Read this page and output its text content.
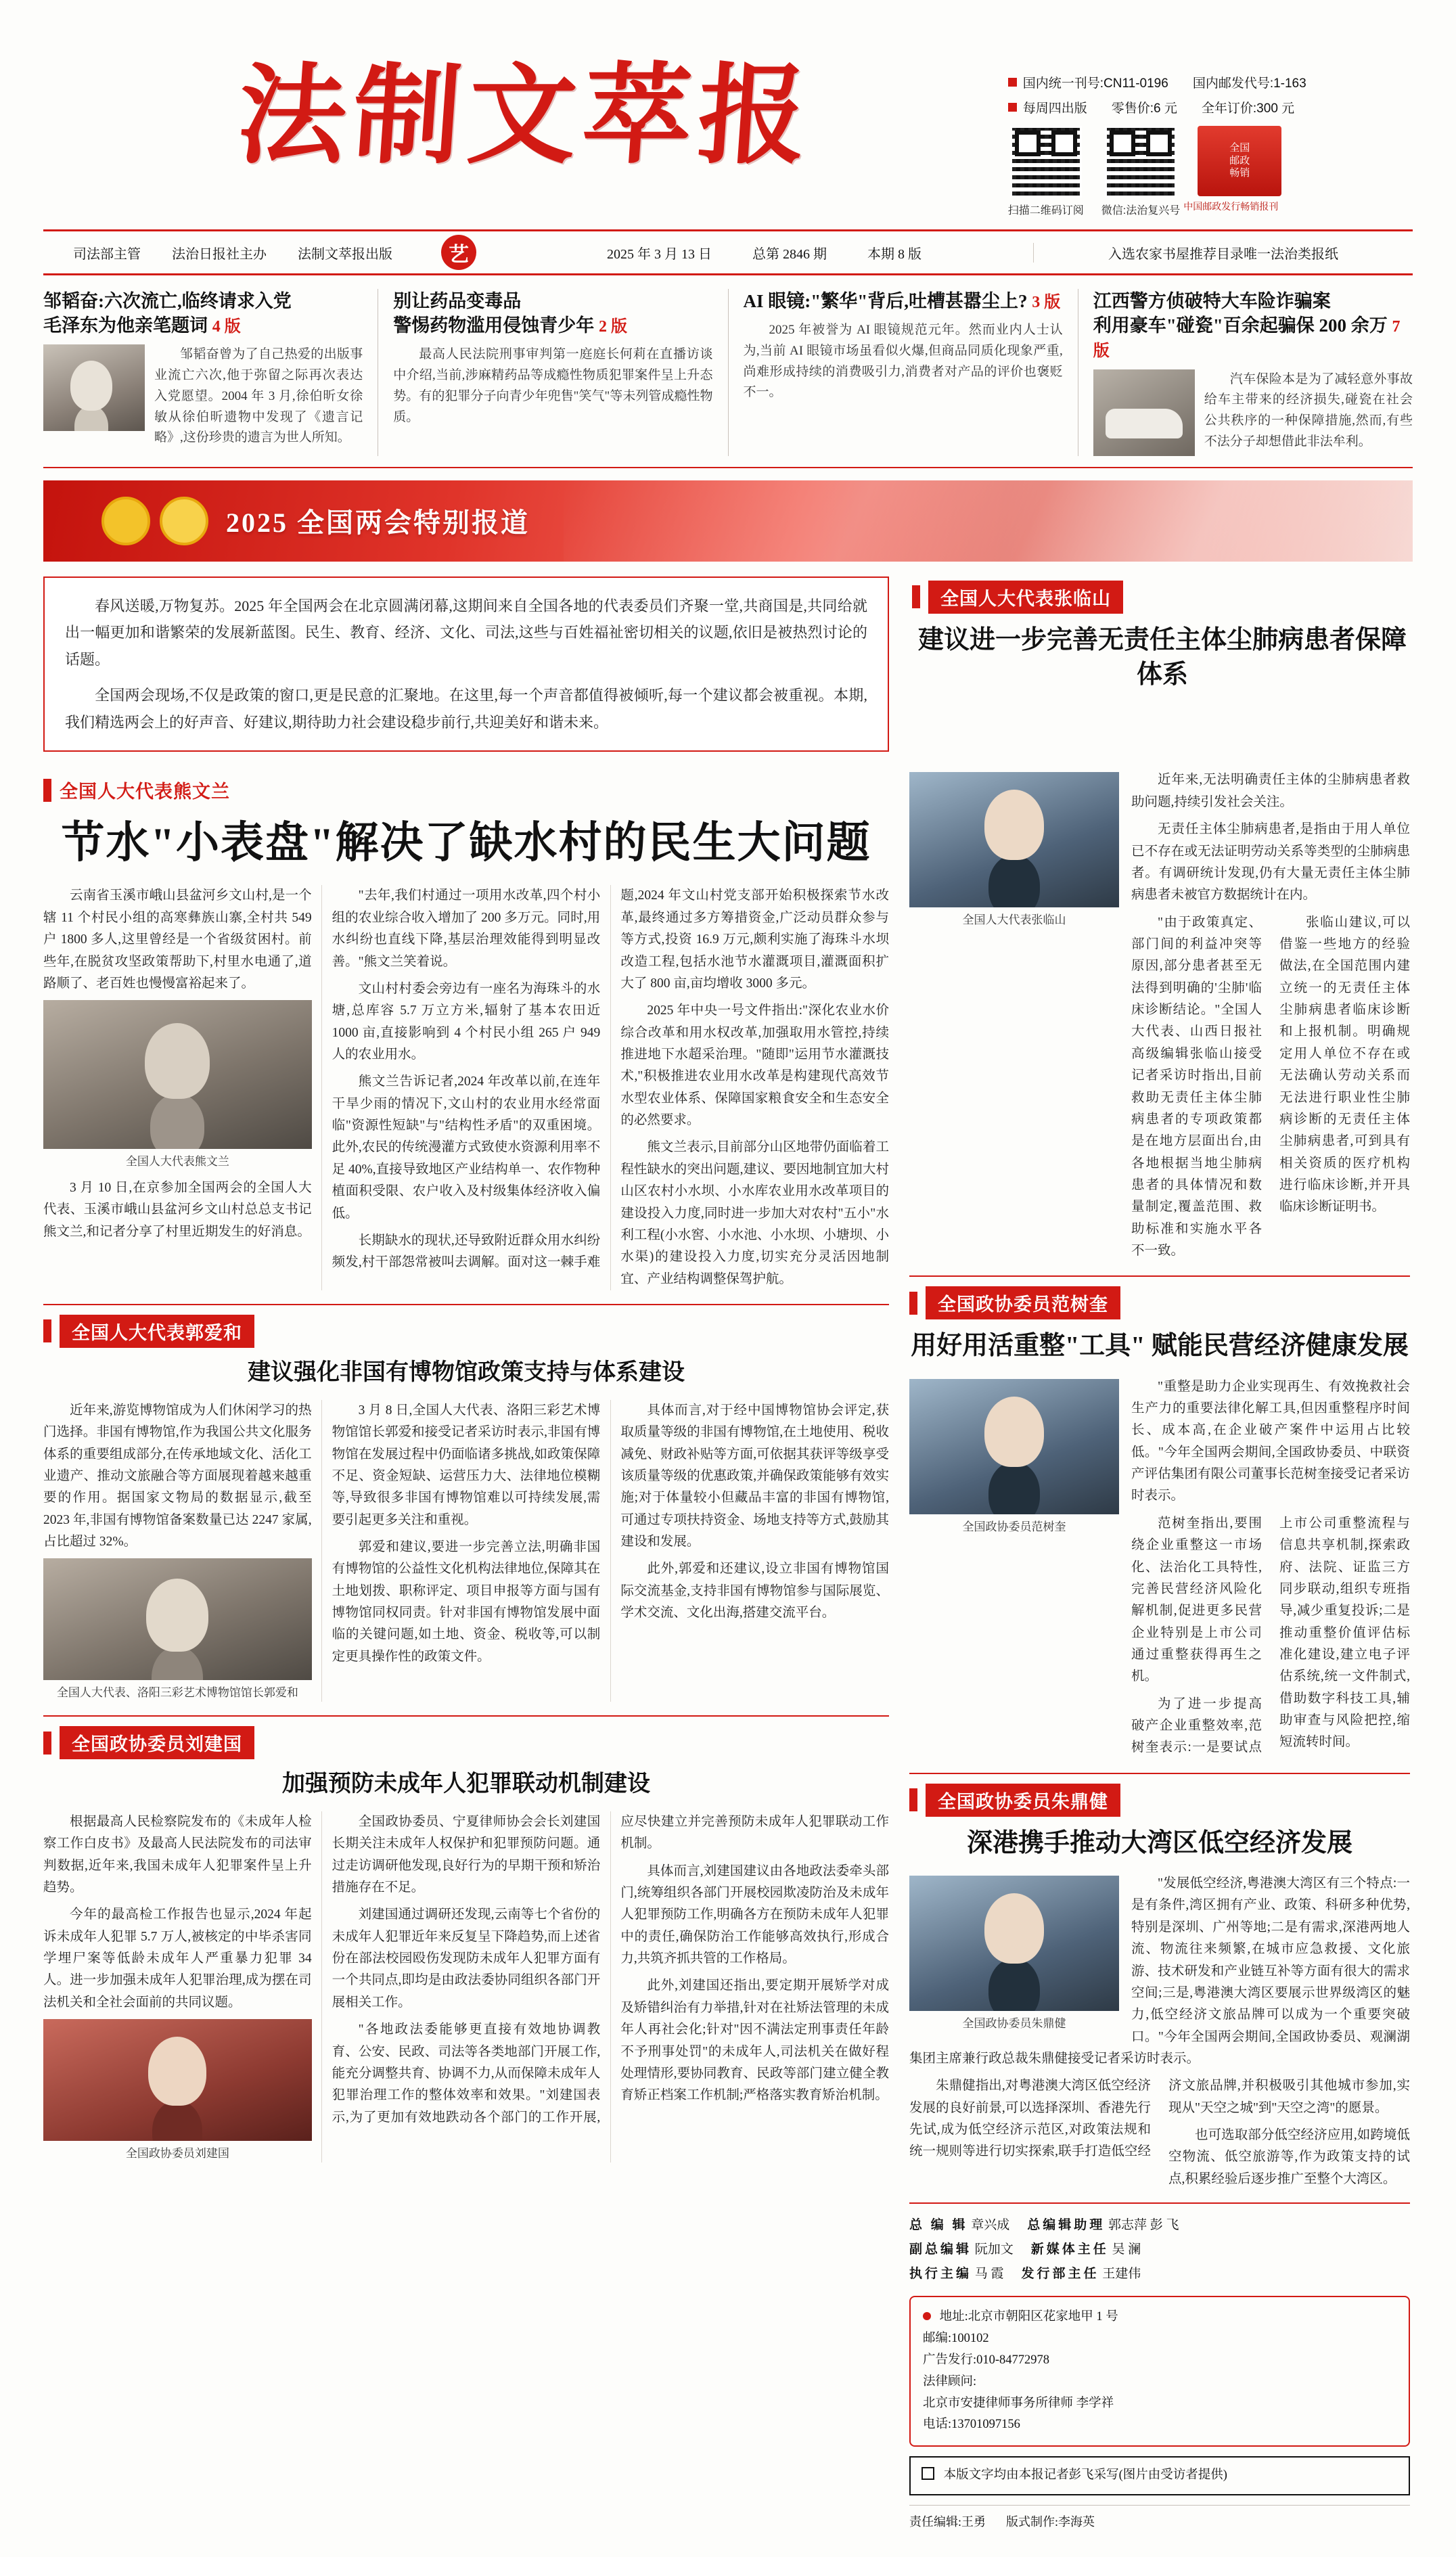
法制文萃报	国内统一刊号:CN11-0196 国内邮发代号:1-163
每周四出版 零售价:6 元 全年订价:300 元
扫描二维码订阅 微信:法治复兴号
全国
邮政
畅销
中国邮政发行畅销报刊
司法部主管 法治日报社主办 法制文萃报出版	艺	2025 年 3 月 13 日	总第 2846 期	本期 8 版	入选农家书屋推荐目录唯一法治类报纸
邹韬奋:六次流亡,临终请求入党
毛泽东为他亲笔题词 4 版

邹韬奋曾为了自己热爱的出版事业流亡六次,他于弥留之际再次表达入党愿望。2004 年 3 月,徐伯昕女徐敏从徐伯昕遗物中发现了《遗言记略》,这份珍贵的遗言为世人所知。

别让药品变毒品
警惕药物滥用侵蚀青少年 2 版

最高人民法院刑事审判第一庭庭长何莉在直播访谈中介绍,当前,涉麻精药品等成瘾性物质犯罪案件呈上升态势。有的犯罪分子向青少年兜售"笑气"等未列管成瘾性物质。

AI 眼镜:"繁华"背后,吐槽甚嚣尘上? 3 版

2025 年被誉为 AI 眼镜规范元年。然而业内人士认为,当前 AI 眼镜市场虽看似火爆,但商品同质化现象严重,尚难形成持续的消费吸引力,消费者对产品的评价也褒贬不一。

江西警方侦破特大车险诈骗案
利用豪车"碰瓷"百余起骗保 200 余万 7 版

汽车保险本是为了减轻意外事故给车主带来的经济损失,碰瓷在社会公共秩序的一种保障措施,然而,有些不法分子却想借此非法牟利。

2025 全国两会特别报道

春风送暖,万物复苏。2025 年全国两会在北京圆满闭幕,这期间来自全国各地的代表委员们齐聚一堂,共商国是,共同给就出一幅更加和谐繁荣的发展新蓝图。民生、教育、经济、文化、司法,这些与百姓福祉密切相关的议题,依旧是被热烈讨论的话题。

全国两会现场,不仅是政策的窗口,更是民意的汇聚地。在这里,每一个声音都值得被倾听,每一个建议都会被重视。本期,我们精选两会上的好声音、好建议,期待助力社会建设稳步前行,共迎美好和谐未来。

全国人大代表张临山
建议进一步完善无责任主体尘肺病患者保障体系
全国人大代表熊文兰
节水"小表盘"解决了缺水村的民生大问题

云南省玉溪市峨山县盆河乡文山村,是一个辖 11 个村民小组的高寒彝族山寨,全村共 549 户 1800 多人,这里曾经是一个省级贫困村。前些年,在脱贫攻坚政策帮助下,村里水电通了,道路顺了、老百姓也慢慢富裕起来了。

全国人大代表熊文兰

3 月 10 日,在京参加全国两会的全国人大代表、玉溪市峨山县盆河乡文山村总总支书记熊文兰,和记者分享了村里近期发生的好消息。

"去年,我们村通过一项用水改革,四个村小组的农业综合收入增加了 200 多万元。同时,用水纠纷也直线下降,基层治理效能得到明显改善。"熊文兰笑着说。

文山村村委会旁边有一座名为海珠斗的水塘,总库容 5.7 万立方米,辐射了基本农田近 1000 亩,直接影响到 4 个村民小组 265 户 949 人的农业用水。

熊文兰告诉记者,2024 年改革以前,在连年干旱少雨的情况下,文山村的农业用水经常面临"资源性短缺"与"结构性矛盾"的双重困境。此外,农民的传统漫灌方式致使水资源利用率不足 40%,直接导致地区产业结构单一、农作物种植面积受限、农户收入及村级集体经济收入偏低。

长期缺水的现状,还导致附近群众用水纠纷频发,村干部怨常被叫去调解。面对这一棘手难题,2024 年文山村党支部开始积极探索节水改革,最终通过多方筹措资金,广泛动员群众参与等方式,投资 16.9 万元,颇利实施了海珠斗水坝改造工程,包括水池节水灌溉项目,灌溉面积扩大了 800 亩,亩均增收 3000 多元。

2025 年中央一号文件指出:"深化农业水价综合改革和用水权改革,加强取用水管控,持续推进地下水超采治理。"随即"运用节水灌溉技术,"积极推进农业用水改革是构建现代高效节水型农业体系、保障国家粮食安全和生态安全的必然要求。

熊文兰表示,目前部分山区地带仍面临着工程性缺水的突出问题,建议、要因地制宜加大村山区农村小水坝、小水库农业用水改革项目的建设投入力度,同时进一步加大对农村"五小"水利工程(小水窖、小水池、小水坝、小塘坝、小水渠)的建设投入力度,切实充分灵活因地制宜、产业结构调整保驾护航。

全国人大代表郭爱和
建议强化非国有博物馆政策支持与体系建设

近年来,游览博物馆成为人们休闲学习的热门选择。非国有博物馆,作为我国公共文化服务体系的重要组成部分,在传承地域文化、活化工业遗产、推动文旅融合等方面展现着越来越重要的作用。据国家文物局的数据显示,截至 2023 年,非国有博物馆备案数量已达 2247 家属,占比超过 32%。

全国人大代表、洛阳三彩艺术博物馆馆长郭爱和

3 月 8 日,全国人大代表、洛阳三彩艺术博物馆馆长郭爱和接受记者采访时表示,非国有博物馆在发展过程中仍面临诸多挑战,如政策保障不足、资金短缺、运营压力大、法律地位模糊等,导致很多非国有博物馆难以可持续发展,需要引起更多关注和重视。

郭爱和建议,要进一步完善立法,明确非国有博物馆的公益性文化机构法律地位,保障其在土地划拨、职称评定、项目申报等方面与国有博物馆同权同责。针对非国有博物馆发展中面临的关键问题,如土地、资金、税收等,可以制定更具操作性的政策文件。

具体而言,对于经中国博物馆协会评定,获取质量等级的非国有博物馆,在土地使用、税收减免、财政补贴等方面,可依据其获评等级享受该质量等级的优惠政策,并确保政策能够有效实施;对于体量较小但藏品丰富的非国有博物馆,可通过专项扶持资金、场地支持等方式,鼓励其建设和发展。

此外,郭爱和还建议,设立非国有博物馆国际交流基金,支持非国有博物馆参与国际展览、学术交流、文化出海,搭建交流平台。

全国政协委员刘建国
加强预防未成年人犯罪联动机制建设

根据最高人民检察院发布的《未成年人检察工作白皮书》及最高人民法院发布的司法审判数据,近年来,我国未成年人犯罪案件呈上升趋势。

今年的最高检工作报告也显示,2024 年起诉未成年人犯罪 5.7 万人,被核定的中毕杀害同学埋尸案等低龄未成年人严重暴力犯罪 34 人。进一步加强未成年人犯罪治理,成为摆在司法机关和全社会面前的共同议题。

全国政协委员刘建国

全国政协委员、宁夏律师协会会长刘建国长期关注未成年人权保护和犯罪预防问题。通过走访调研他发现,良好行为的早期干预和矫治措施存在不足。

刘建国通过调研还发现,云南等七个省份的未成年人犯罪近年来反复呈下降趋势,而上述省份在部法校园殴伤发现防未成年人犯罪方面有一个共同点,即均是由政法委协同组织各部门开展相关工作。

"各地政法委能够更直接有效地协调教育、公安、民政、司法等各类地部门开展工作,能充分调整共育、协调不力,从而保障未成年人犯罪治理工作的整体效率和效果。"刘建国表示,为了更加有效地跌动各个部门的工作开展,应尽快建立并完善预防未成年人犯罪联动工作机制。

具体而言,刘建国建议由各地政法委牵头部门,统筹组织各部门开展校园欺凌防治及未成年人犯罪预防工作,明确各方在预防未成年人犯罪中的责任,确保防治工作能够高效执行,形成合力,共筑齐抓共管的工作格局。

此外,刘建国还指出,要定期开展矫学对成及矫错纠治有力举措,针对在社矫法管理的未成年人再社会化;针对"因不满法定刑事责任年龄不予刑事处罚"的未成年人,司法机关在做好程处理情形,要协同教育、民政等部门建立健全教育矫正档案工作机制;严格落实教育矫治机制。

全国人大代表张临山

近年来,无法明确责任主体的尘肺病患者救助问题,持续引发社会关注。

无责任主体尘肺病患者,是指由于用人单位已不存在或无法证明劳动关系等类型的尘肺病患者。有调研统计发现,仍有大量无责任主体尘肺病患者未被官方数据统计在内。

"由于政策真定、部门间的利益冲突等原因,部分患者甚至无法得到明确的'尘肺'临床诊断结论。"全国人大代表、山西日报社高级编辑张临山接受记者采访时指出,目前救助无责任主体尘肺病患者的专项政策都是在地方层面出台,由各地根据当地尘肺病患者的具体情况和数量制定,覆盖范围、救助标准和实施水平各不一致。

张临山建议,可以借鉴一些地方的经验做法,在全国范围内建立统一的无责任主体尘肺病患者临床诊断和上报机制。明确规定用人单位不存在或无法确认劳动关系而无法进行职业性尘肺病诊断的无责任主体尘肺病患者,可到具有相关资质的医疗机构进行临床诊断,并开具临床诊断证明书。

全国政协委员范树奎
用好用活重整"工具" 赋能民营经济健康发展
全国政协委员范树奎

"重整是助力企业实现再生、有效挽救社会生产力的重要法律化解工具,但因重整程序时间长、成本高,在企业破产案件中运用占比较低。"今年全国两会期间,全国政协委员、中联资产评估集团有限公司董事长范树奎接受记者采访时表示。

范树奎指出,要围绕企业重整这一市场化、法治化工具特性,完善民营经济风险化解机制,促进更多民营企业特别是上市公司通过重整获得再生之机。

为了进一步提高破产企业重整效率,范树奎表示:一是要试点上市公司重整流程与信息共享机制,探索政府、法院、证监三方同步联动,组织专班指导,减少重复投诉;二是推动重整价值评估标准化建设,建立电子评估系统,统一文件制式,借助数字科技工具,辅助审查与风险把控,缩短流转时间。

全国政协委员朱鼎健
深港携手推动大湾区低空经济发展
全国政协委员朱鼎健

"发展低空经济,粤港澳大湾区有三个特点:一是有条件,湾区拥有产业、政策、科研多种优势,特别是深圳、广州等地;二是有需求,深港两地人流、物流往来频繁,在城市应急救援、文化旅游、技术研发和产业链互补等方面有很大的需求空间;三是,粤港澳大湾区要展示世界级湾区的魅力,低空经济文旅品牌可以成为一个重要突破口。"今年全国两会期间,全国政协委员、观澜湖集团主席兼行政总裁朱鼎健接受记者采访时表示。

朱鼎健指出,对粤港澳大湾区低空经济发展的良好前景,可以选择深圳、香港先行先试,成为低空经济示范区,对政策法规和统一规则等进行切实探索,联手打造低空经济文旅品牌,并积极吸引其他城市参加,实现从"天空之城"到"天空之湾"的愿景。

也可选取部分低空经济应用,如跨境低空物流、低空旅游等,作为政策支持的试点,积累经验后逐步推广至整个大湾区。

总 编 辑 章兴成 总编辑助理 郭志萍 彭 飞
副总编辑 阮加文 新媒体主任 吴 澜
执行主编 马 霞 发行部主任 王建伟
地址:北京市朝阳区花家地甲 1 号
邮编:100102
广告发行:010-84772978
法律顾问:
北京市安捷律师事务所律师 李学祥
电话:13701097156
本版文字均由本报记者彭飞采写(图片由受访者提供)
责任编辑:王勇 版式制作:李海英
